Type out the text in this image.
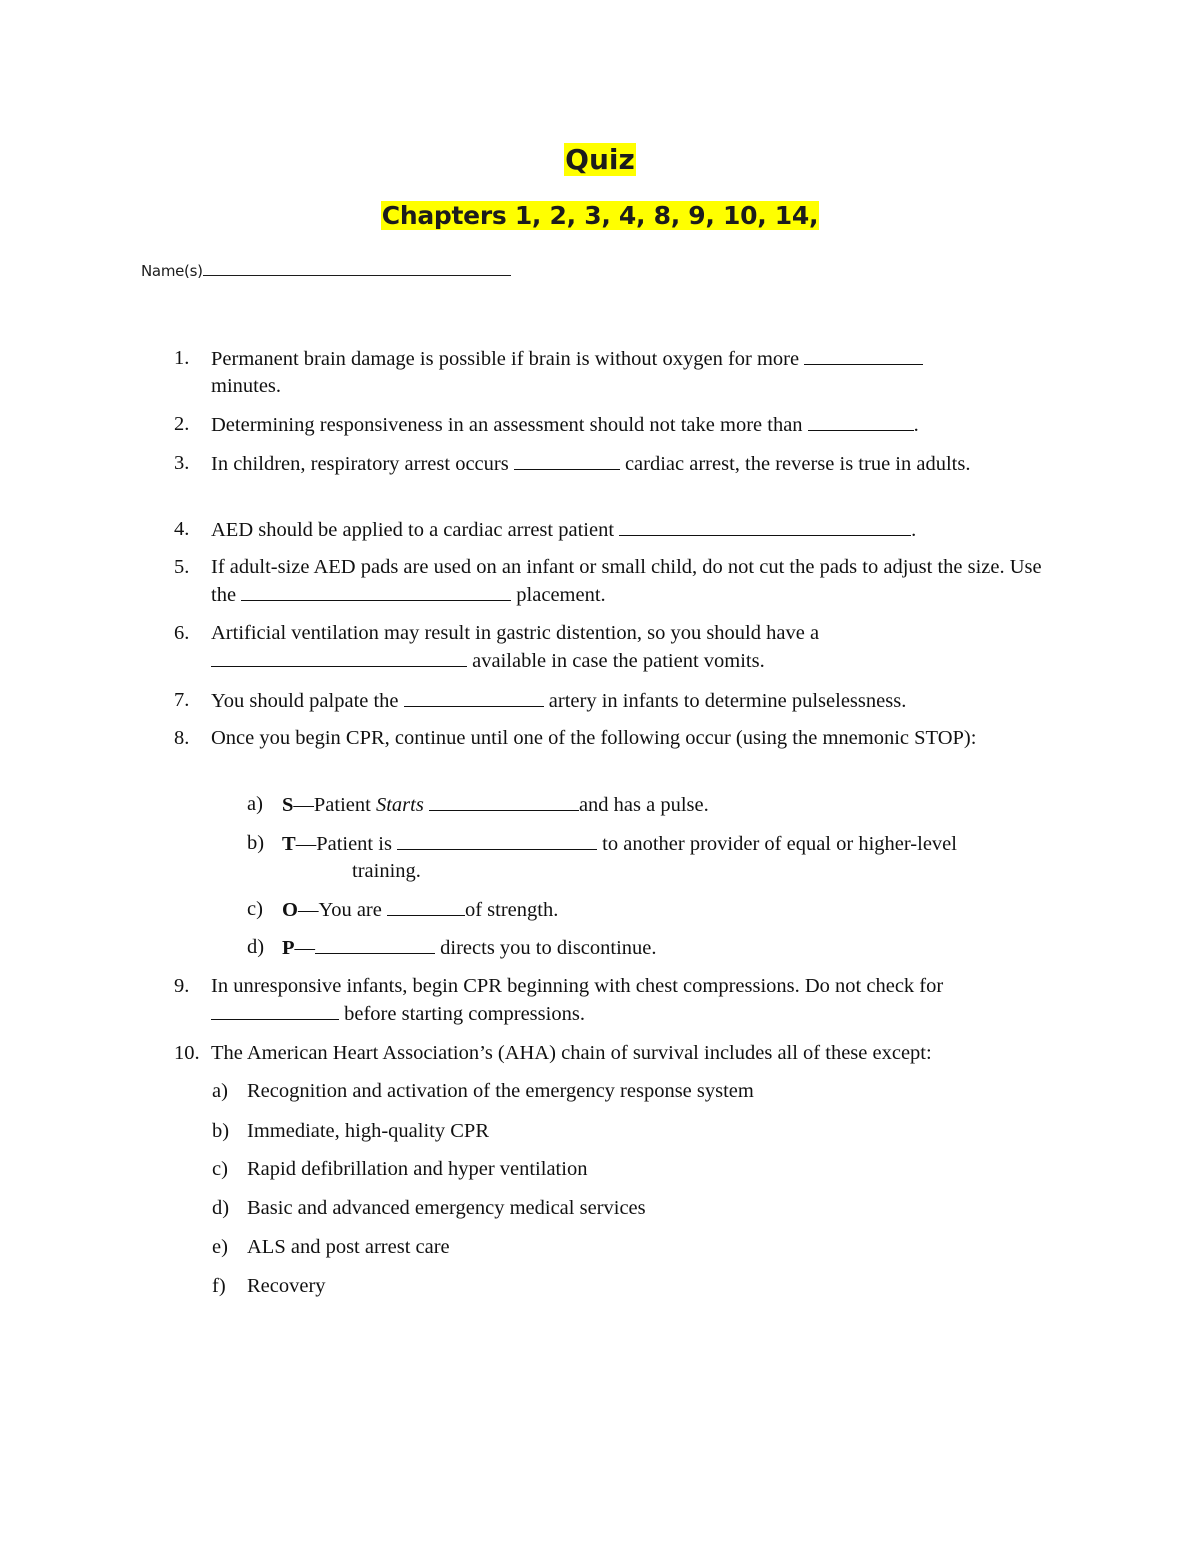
Quiz
Chapters 1, 2, 3, 4, 8, 9, 10, 14,
Name(s)
1. Permanent brain damage is possible if brain is without oxygen for more
minutes.
2. Determining responsiveness in an assessment should not take more than	.
3. In children, respiratory arrest occurs	cardiac arrest, the reverse is true in adults.
4. AED should be applied to a cardiac arrest patient	.
5. If adult-size AED pads are used on an infant or small child, do not cut the pads to adjust the size. Use the	placement.
6. Artificial ventilation may result in gastric distention, so you should have a
available in case the patient vomits.
7. You should palpate the	artery in infants to determine pulselessness.
8. Once you begin CPR, continue until one of the following occur (using the mnemonic STOP):
a) S—Patient Starts	and has a pulse.
b) T—Patient is	to another provider of equal or higher-level
training.
c) O—You are	of strength.
d) P—	directs you to discontinue.
9. In unresponsive infants, begin CPR beginning with chest compressions. Do not check for
before starting compressions.
10. The American Heart Association’s (AHA) chain of survival includes all of these except:
a) Recognition and activation of the emergency response system
b) Immediate, high-quality CPR
c) Rapid defibrillation and hyper ventilation
d) Basic and advanced emergency medical services
e) ALS and post arrest care
f) Recovery
